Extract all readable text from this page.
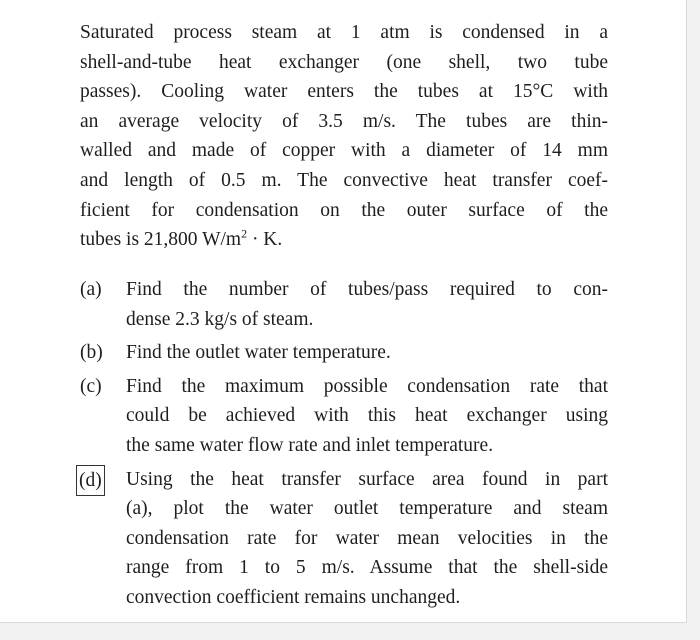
Saturated process steam at 1 atm is condensed in a
shell-and-tube heat exchanger (one shell, two tube
passes). Cooling water enters the tubes at 15°C with
an average velocity of 3.5 m/s. The tubes are thin-
walled and made of copper with a diameter of 14 mm
and length of 0.5 m. The convective heat transfer coef-
ficient for condensation on the outer surface of the
tubes is 21,800 $W/m^2 \cdot K$.
(a) Find the number of tubes/pass required to con-
dense 2.3 kg/s of steam.
(b) Find the outlet water temperature.
(c) Find the maximum possible condensation rate that
could be achieved with this heat exchanger using
the same water flow rate and inlet temperature.
(d) Using the heat transfer surface area found in part
(a), plot the water outlet temperature and steam
condensation rate for water mean velocities in the
range from 1 to 5 m/s. Assume that the shell-side
convection coefficient remains unchanged.
